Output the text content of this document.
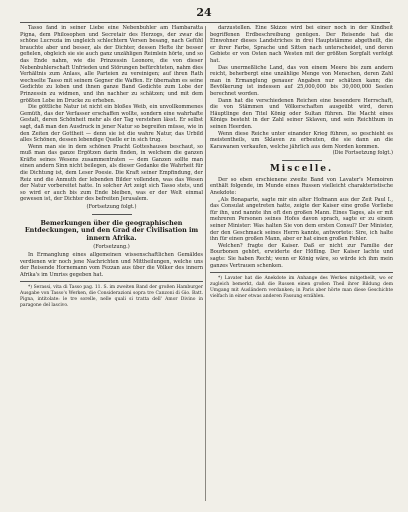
24

Tasso fand in seiner Liebe eine Nebenbuhler am Hambaratta Pigna, dem Philosophen und Secretair des Herzogs, der zwar die schöne Lucrezia im ungleich schlechtern Versen besang, nach Gefühl brauchte aber und besser, als der Dichter, dessen Hefte ihr besser gefielen, obgleich sie sie auch ganz unzähligen Reimlein hörte, und so das Ende nahm, wie die Prinzessin Leonore, die von dieser Nebenbuhlerschaft Unfrieden und Störungen befürchteten, nahm dies Verhältnis zum Anlass, alle Parteien zu vereinigen; auf ihren Rath wechselte Tasso mit seinem Gegner die Waffen. Er übernahm es seine Gedichte zu loben und ihnen ganze Band Gedichte zum Lobe der Prinzessin zu widmen, und ihn nachher zu schätzen; und mit dem größten Lobe im Drucke zu erheben.

Die göttliche Natur ist nicht ein bloßes Weib, ein unvollkommenes Gemüth, das der Verfasser erschaffen wollte, sondern eine wahrhafte Gestalt, deren Schönheit mehr als der Tag verstehen lässt. Er selbst sagt, daß man den Ausdruck in jener Natur so begreifen müsse, wie in den Zeiten der Gottheit — denn sie ist die wahre Natur, das Urbild alles Schönen, dessen lebendige Quelle er in sich trug.

Wenn man sie in dem schönen Pracht Gotteshauses beschaut, so muß man das ganze Ergötzen darin finden, in welchem die ganzen Kräfte seines Wesens zusammentraten — dem Ganzen sollte man einen andern Sinn nicht beilegen, als dieser Gedanke die Wahrheit für die Dichtung ist, dem Leser Poesie. Die Kraft seiner Empfindung, der Reiz und die Anmuth der lebenden Bilder vollenden, was das Wesen der Natur vorbereitet hatte. In solcher Art zeigt sich Tasso stets, und so wird er auch bis zum Ende bleiben, was er der Welt einmal gewesen ist, der Dichter des befreiten Jerusalem.

(Fortsetzung folgt.)

Bemerkungen über die geographischen Entdeckungen, und den Grad der Civilisation im innern Afrika.

(Fortsetzung.)

In Ermanglung eines allgemeinen wissenschaftlichen Gemäldes verdienen wir noch jene Nachrichten und Mittheilungen, welche uns der Reisende Hornemann vom Fezzan aus über die Völker des innern Afrika's im Umriss gegeben hat.

*) Serassi, vita di Tasso pag. 11. S. im zweiten Band der großen Hamburger Ausgabe von Tasso's Werken, die Considerazioni sopra tre Canzoni di Gio. Batt. Pigna, intitolate: le tre sorelle, nelle quali si tratta dell' Amor Divino in paragone del lascivo.

darzustellen. Eine Skizze wird bei einer noch in der Kindheit begriffenen Erdbeschreibung genügen. Der Reisende hat die Einwohner dieses Landstriches in drei Hauptstämme abgetheilt, die er ihrer Farbe, Sprache und Sitten nach unterscheidet, und deren Gebiete er von Osten nach Westen mit der größten Sorgfalt verfolgt hat.

Das unermeßliche Land, das von einem Meere bis zum andern reicht, beherbergt eine unzählige Menge von Menschen, deren Zahl man in Ermanglung genauer Angaben nur schätzen kann; die Bevölkerung ist indessen auf 25,000,000 bis 30,000,000 Seelen berechnet worden.

Dann hat die verschiedenen Reichen eine besondere Herrschaft, die von Stämmen und Völkerschaften ausgeübt wird, deren Häuptlinge den Titel König oder Sultan führen. Die Macht eines Königs besteht in der Zahl seiner Sklaven, und sein Reichthum in seinen Heerden.

Wenn diese Reiche unter einander Krieg führen, so geschieht es meistentheils, um Sklaven zu erbeuten, die sie dann an die Karawanen verkaufen, welche jährlich aus dem Norden kommen.

(Die Fortsetzung folgt.)

Miscelle.

Der so eben erschienene zweite Band von Lavater's Memoiren enthält folgende, im Munde eines Russen vielleicht charakteristische Anekdote:

„Als Bonaparte, sagte mir ein alter Hofmann aus der Zeit Paul I., das Consulat angetreten hatte, zeigte der Kaiser eine große Vorliebe für ihn, und nannte ihn oft den großen Mann. Eines Tages, als er mit mehreren Personen seines Hofes davon sprach, sagte er zu einem seiner Minister: Was halten Sie von dem ersten Consul? Der Minister, der den Geschmack seines Herrn kannte, antwortete: Sire, ich halte ihn für einen großen Mann, aber er hat einen großen Fehler.

Welchen? fragte der Kaiser. Daß er nicht zur Familie der Bourbonen gehört, erwiderte der Höfling. Der Kaiser lachte und sagte: Sie haben Recht; wenn er König wäre, so würde ich ihm mein ganzes Vertrauen schenken.

*) Lavater hat die Anekdote im Anhange des Werkes mitgetheilt, wo er zugleich bemerkt, daß die Russen einen großen Theil ihrer Bildung dem Umgang mit Ausländern verdanken; in Paris aber hörte man diese Geschichte vielfach in einer etwas anderen Fassung erzählen.
